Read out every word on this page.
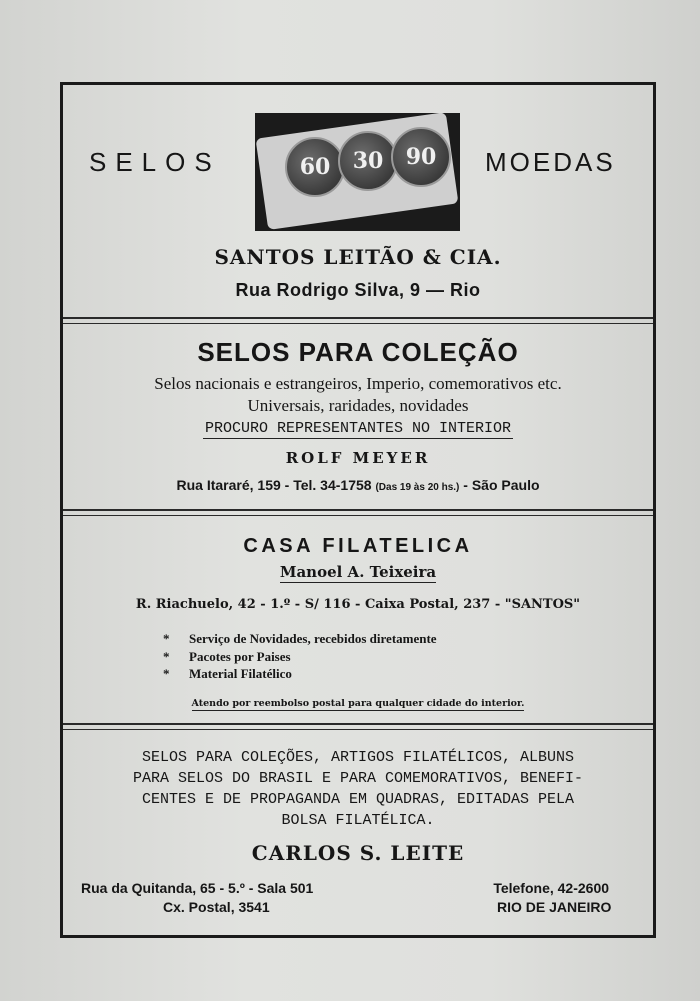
SELOS	MOEDAS
60	30	90
SANTOS LEITÃO & CIA.
Rua Rodrigo Silva, 9 — Rio
SELOS PARA COLEÇÃO
Selos nacionais e estrangeiros, Imperio, comemorativos etc.
Universais, raridades, novidades
PROCURO REPRESENTANTES NO INTERIOR
ROLF MEYER
Rua Itararé, 159 - Tel. 34-1758 (Das 19 às 20 hs.) - São Paulo
CASA FILATELICA
Manoel A. Teixeira
R. Riachuelo, 42 - 1.º - S/ 116 - Caixa Postal, 237 - "SANTOS"
*	Serviço de Novidades, recebidos diretamente
*	Pacotes por Paises
*	Material Filatélico
Atendo por reembolso postal para qualquer cidade do interior.
SELOS PARA COLEÇÕES, ARTIGOS FILATÉLICOS, ALBUNS
PARA SELOS DO BRASIL E PARA COMEMORATIVOS, BENEFI-
CENTES E DE PROPAGANDA EM QUADRAS, EDITADAS PELA
BOLSA FILATÉLICA.
CARLOS S. LEITE
Rua da Quitanda, 65 - 5.º - Sala 501
Cx. Postal, 3541
Telefone, 42-2600
RIO DE JANEIRO
